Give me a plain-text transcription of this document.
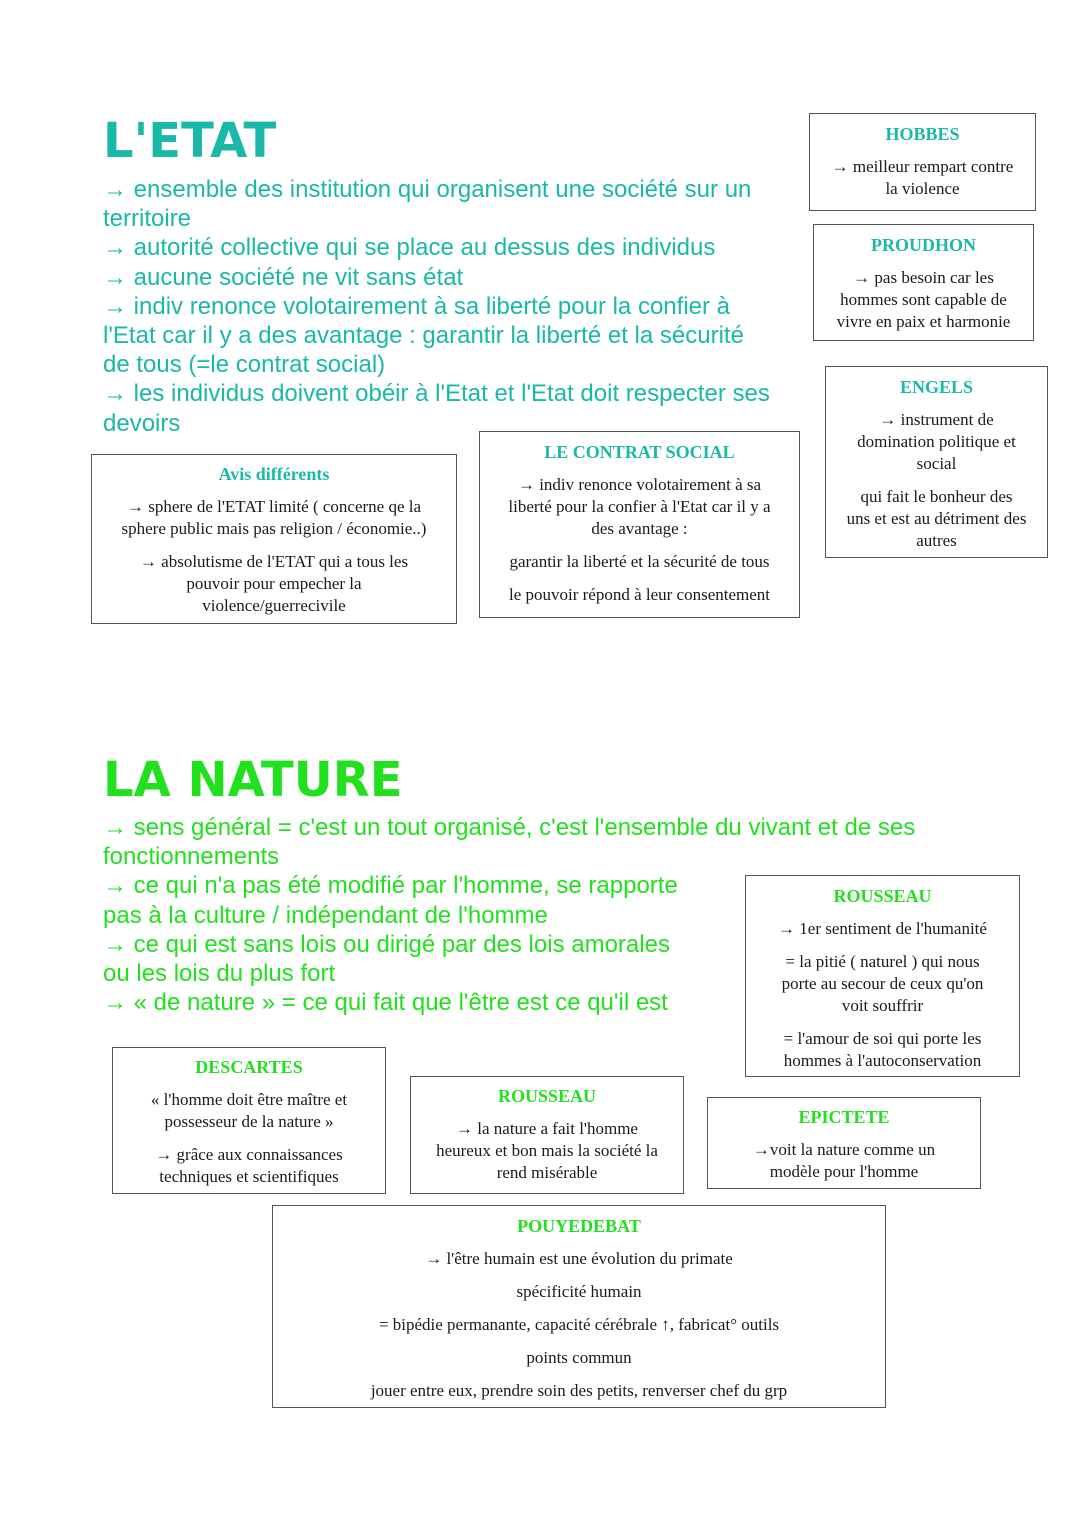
L'ETAT
→ ensemble des institution qui organisent une société sur un
territoire
→ autorité collective qui se place au dessus des individus
→ aucune société ne vit sans état
→ indiv renonce volotairement à sa liberté pour la confier à
l'Etat car il y a des avantage : garantir la liberté et la sécurité
de tous (=le contrat social)
→ les individus doivent obéir à l'Etat et l'Etat doit respecter ses
devoirs
HOBBES
→ meilleur rempart contre
la violence
PROUDHON
→ pas besoin car les
hommes sont capable de
vivre en paix et harmonie
ENGELS
→ instrument de
domination politique et
social
qui fait le bonheur des
uns et est au détriment des
autres
Avis différents
→ sphere de l'ETAT limité ( concerne qe la
sphere public mais pas religion / économie..)
→ absolutisme de l'ETAT qui a tous les
pouvoir pour empecher la
violence/guerrecivile
LE CONTRAT SOCIAL
→ indiv renonce volotairement à sa
liberté pour la confier à l'Etat car il y a
des avantage :
garantir la liberté et la sécurité de tous
le pouvoir répond à leur consentement
LA NATURE
→ sens général = c'est un tout organisé, c'est l'ensemble du vivant et de ses
fonctionnements
→ ce qui n'a pas été modifié par l'homme, se rapporte
pas à la culture / indépendant de l'homme
→ ce qui est sans lois ou dirigé par des lois amorales
ou les lois du plus fort
→ « de nature » = ce qui fait que l'être est ce qu'il est
ROUSSEAU
→ 1er sentiment de l'humanité
= la pitié ( naturel ) qui nous
porte au secour de ceux qu'on
voit souffrir
= l'amour de soi qui porte les
hommes à l'autoconservation
DESCARTES
« l'homme doit être maître et
possesseur de la nature »
→ grâce aux connaissances
techniques et scientifiques
ROUSSEAU
→ la nature a fait l'homme
heureux et bon mais la société la
rend misérable
EPICTETE
→voit la nature comme un
modèle pour l'homme
POUYEDEBAT
→ l'être humain est une évolution du primate
spécificité humain
= bipédie permanante, capacité cérébrale ↑, fabricat° outils
points commun
jouer entre eux, prendre soin des petits, renverser chef du grp
